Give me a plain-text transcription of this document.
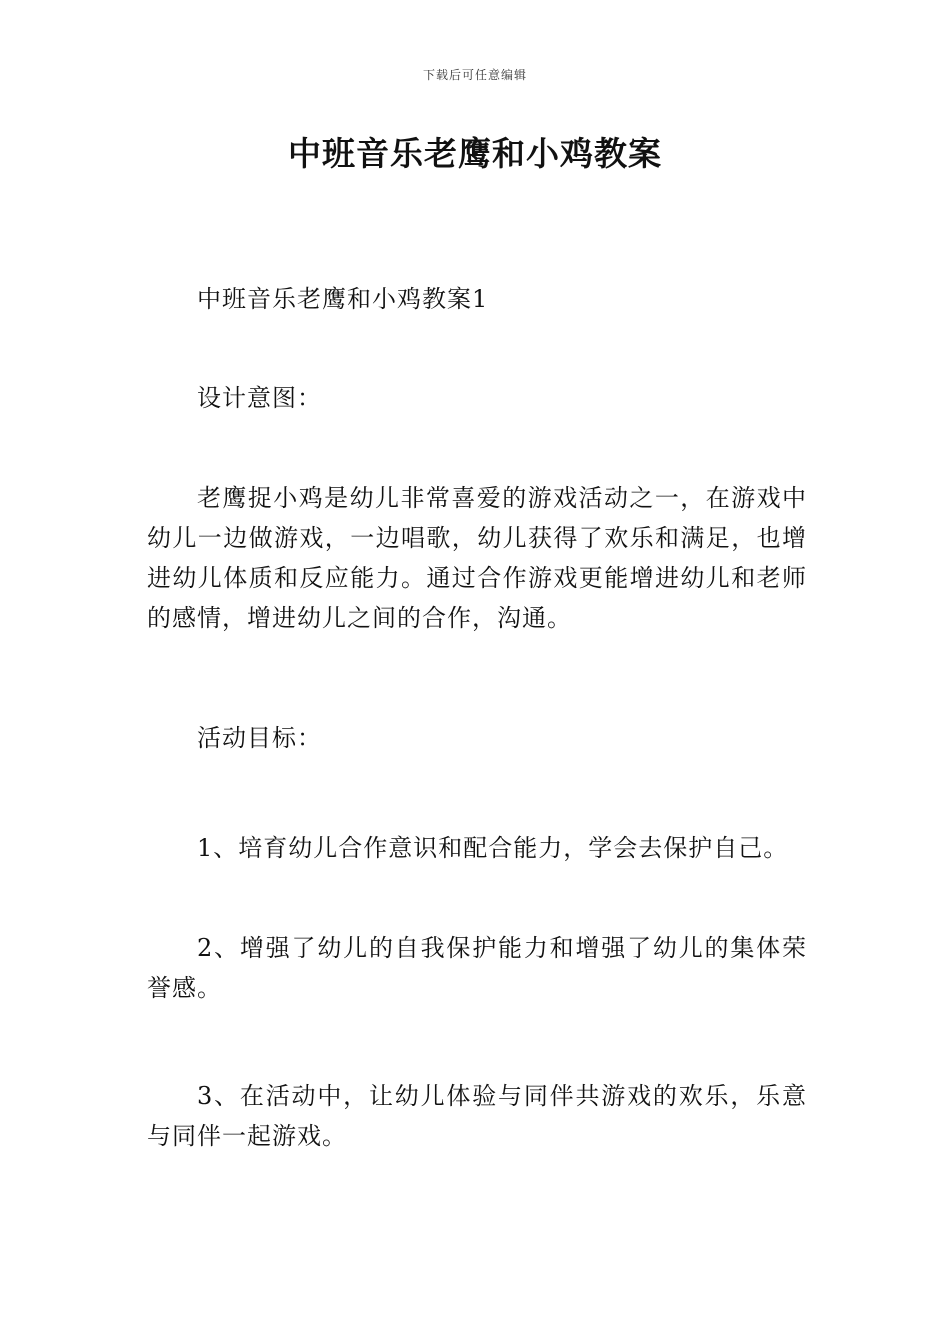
下载后可任意编辑
中班音乐老鹰和小鸡教案

中班音乐老鹰和小鸡教案1

设计意图：

老鹰捉小鸡是幼儿非常喜爱的游戏活动之一，在游戏中幼儿一边做游戏，一边唱歌，幼儿获得了欢乐和满足，也增进幼儿体质和反应能力。通过合作游戏更能增进幼儿和老师的感情，增进幼儿之间的合作，沟通。

活动目标：

1、培育幼儿合作意识和配合能力，学会去保护自己。

2、增强了幼儿的自我保护能力和增强了幼儿的集体荣誉感。

3、在活动中，让幼儿体验与同伴共游戏的欢乐，乐意与同伴一起游戏。
